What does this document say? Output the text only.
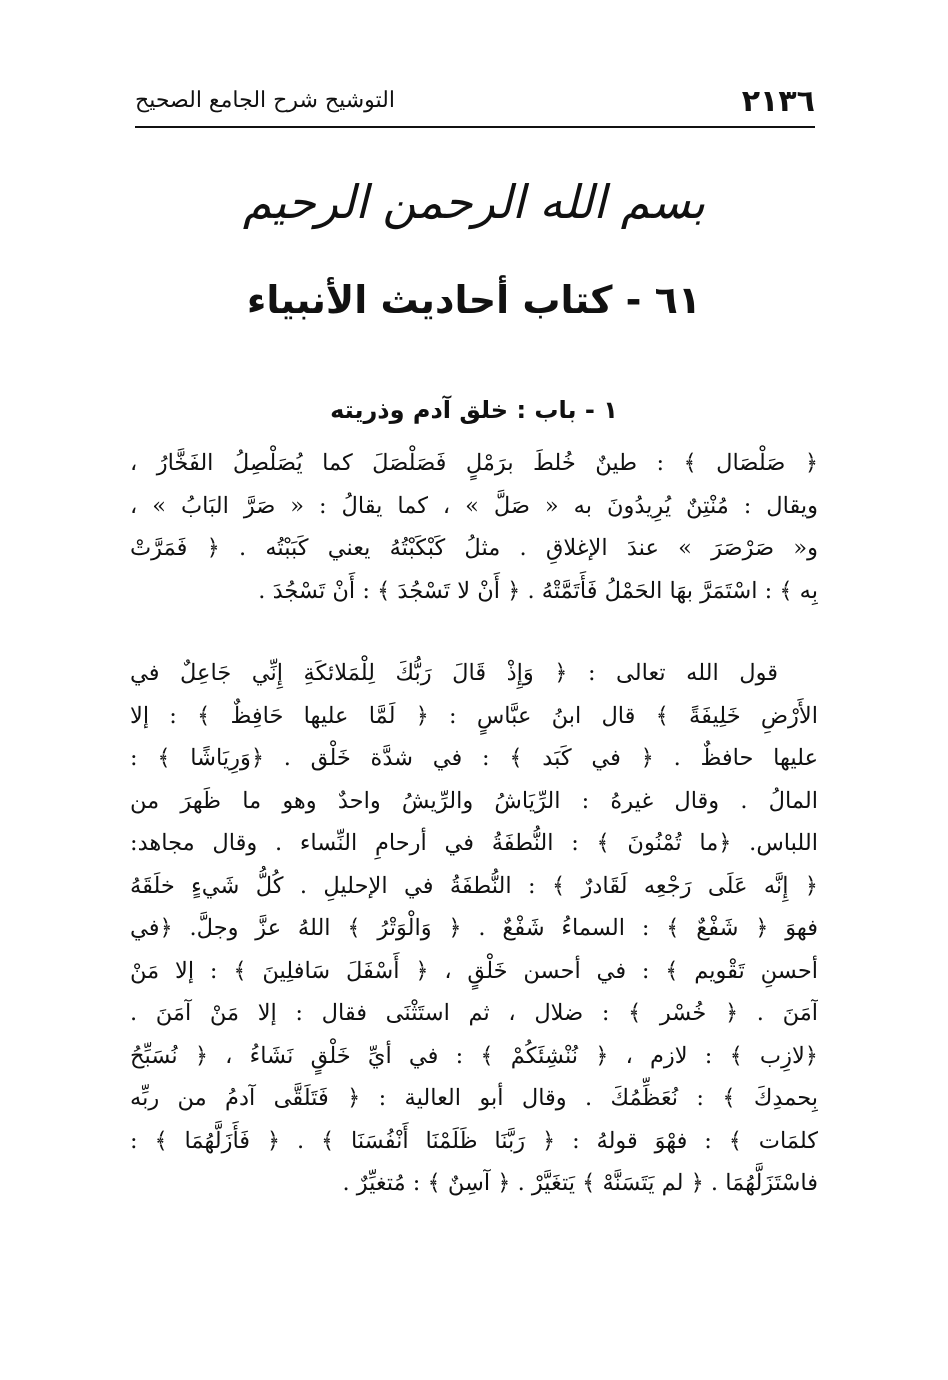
٢١٣٦
التوشيح شرح الجامع الصحيح
بسم الله الرحمن الرحيم
٦١ - كتاب أحاديث الأنبياء
١ - باب : خلق آدم وذريته
﴿ صَلْصَال ﴾ : طينٌ خُلطَ برَمْلٍ فَصَلْصَلَ كما يُصَلْصِلُ الفَخَّارُ ،
ويقال : مُنْتِنٌ يُرِيدُونَ به « صَلَّ » ، كما يقالُ : « صَرَّ البَابُ » ،
و« صَرْصَرَ » عندَ الإغلاقِ . مثلُ كَبْكَبْتُهُ يعني كَبَبْتُه . ﴿ فَمَرَّتْ
بِه ﴾ : اسْتَمَرَّ بهَا الحَمْلُ فَأَتَمَّتْهُ . ﴿ أَنْ لا تَسْجُدَ ﴾ : أَنْ تَسْجُدَ .
قول الله تعالى : ﴿ وَإِذْ قَالَ رَبُّكَ لِلْمَلائكَةِ إِنِّي جَاعِلٌ في
الأَرْضِ خَلِيفَةً ﴾ قال ابنُ عبَّاسٍ : ﴿ لَمَّا عليها حَافِظٌ ﴾ : إلا
عليها حافظٌ . ﴿ في كَبَد ﴾ : في شدَّة خَلْق . ﴿وَرِيَاشًا ﴾ :
المالُ . وقال غيرهُ : الرِّيَاشُ والرِّيشُ واحدٌ وهو ما ظَهرَ من
اللباس. ﴿ما تُمْنُونَ ﴾ : النُّطفَةُ في أرحامِ النِّساء . وقال مجاهد:
﴿ إِنَّه عَلَى رَجْعِه لَقَادرٌ ﴾ : النُّطفَةُ في الإحليلِ . كُلُّ شَيءٍ خلَقَهُ
فهوَ ﴿ شَفْعٌ ﴾ : السماءُ شَفْعٌ . ﴿ وَالْوَتْرُ ﴾ اللهُ عزَّ وجلَّ. ﴿في
أحسنِ تَقْويم ﴾ : في أحسن خَلْقٍ ، ﴿ أَسْفَلَ سَافلِينَ ﴾ : إلا مَنْ
آمَنَ . ﴿ خُسْر ﴾ : ضلال ، ثم استَثْنَى فقال : إلا مَنْ آمَنَ .
﴿لازِب ﴾ : لازم ، ﴿ نُنْشِئَكُمْ ﴾ : في أيِّ خَلْقٍ نَشَاءُ ، ﴿ نُسَبِّحُ
بِحمدِكَ ﴾ : نُعَظِّمُكَ . وقال أبو العالية : ﴿ فَتَلَقَّى آدمُ من ربِّه
كلمَات ﴾ : فهْوَ قولهُ : ﴿ رَبَّنَا ظَلَمْنَا أَنْفُسَنَا ﴾ . ﴿ فَأَزَلَّهُمَا ﴾ :
فاسْتَزَلَّهُمَا . ﴿ لم يَتَسَنَّهْ ﴾ يَتغَيَّرْ . ﴿ آسِنٌ ﴾ : مُتغيِّرٌ .
